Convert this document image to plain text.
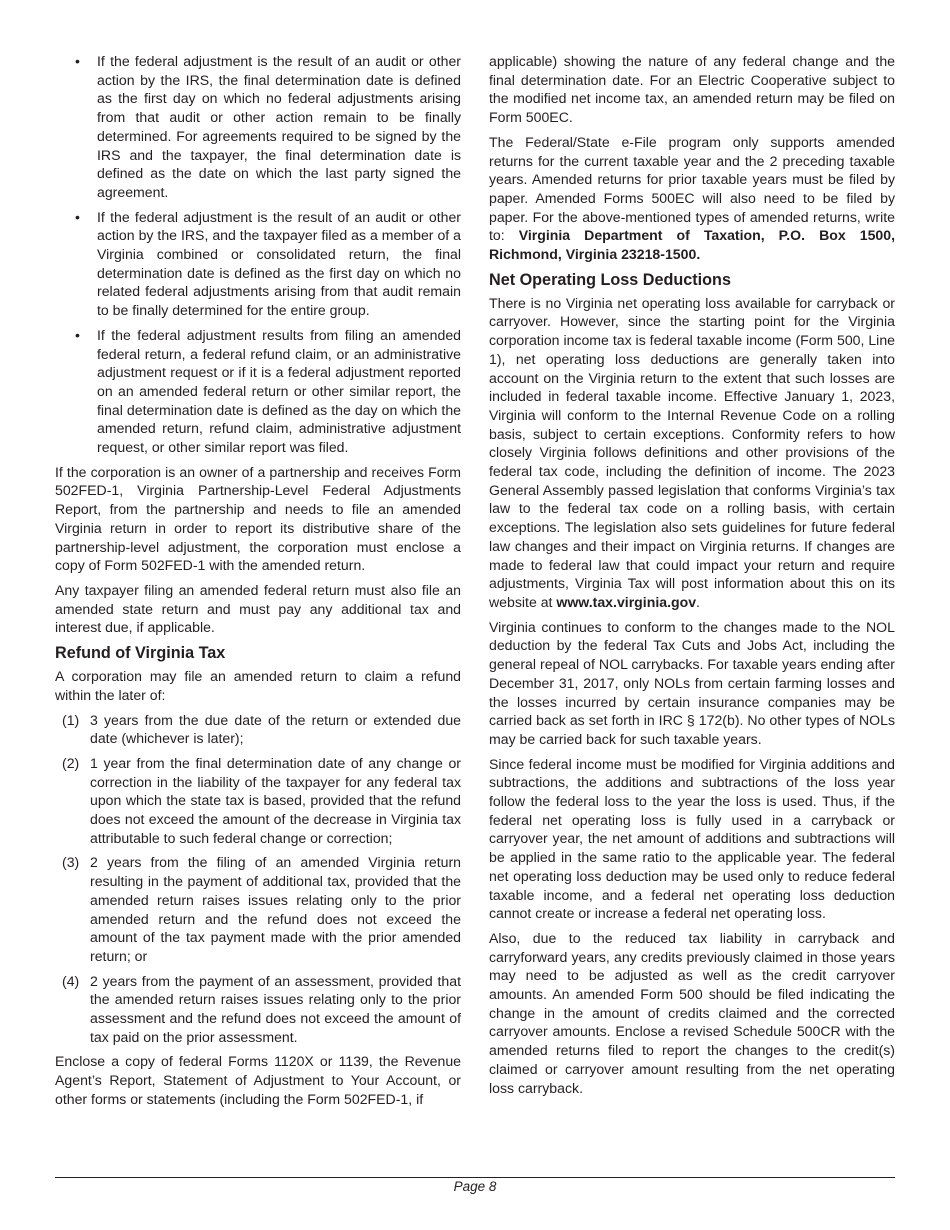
• If the federal adjustment is the result of an audit or other action by the IRS, the final determination date is defined as the first day on which no federal adjustments arising from that audit or other action remain to be finally determined. For agreements required to be signed by the IRS and the taxpayer, the final determination date is defined as the date on which the last party signed the agreement.
• If the federal adjustment is the result of an audit or other action by the IRS, and the taxpayer filed as a member of a Virginia combined or consolidated return, the final determination date is defined as the first day on which no related federal adjustments arising from that audit remain to be finally determined for the entire group.
• If the federal adjustment results from filing an amended federal return, a federal refund claim, or an administrative adjustment request or if it is a federal adjustment reported on an amended federal return or other similar report, the final determination date is defined as the day on which the amended return, refund claim, administrative adjustment request, or other similar report was filed.

If the corporation is an owner of a partnership and receives Form 502FED-1, Virginia Partnership-Level Federal Adjustments Report, from the partnership and needs to file an amended Virginia return in order to report its distributive share of the partnership-level adjustment, the corporation must enclose a copy of Form 502FED-1 with the amended return.

Any taxpayer filing an amended federal return must also file an amended state return and must pay any additional tax and interest due, if applicable.

Refund of Virginia Tax

A corporation may file an amended return to claim a refund within the later of:

(1) 3 years from the due date of the return or extended due date (whichever is later);
(2) 1 year from the final determination date of any change or correction in the liability of the taxpayer for any federal tax upon which the state tax is based, provided that the refund does not exceed the amount of the decrease in Virginia tax attributable to such federal change or correction;
(3) 2 years from the filing of an amended Virginia return resulting in the payment of additional tax, provided that the amended return raises issues relating only to the prior amended return and the refund does not exceed the amount of the tax payment made with the prior amended return; or
(4) 2 years from the payment of an assessment, provided that the amended return raises issues relating only to the prior assessment and the refund does not exceed the amount of tax paid on the prior assessment.

Enclose a copy of federal Forms 1120X or 1139, the Revenue Agent’s Report, Statement of Adjustment to Your Account, or other forms or statements (including the Form 502FED-1, if

applicable) showing the nature of any federal change and the final determination date. For an Electric Cooperative subject to the modified net income tax, an amended return may be filed on Form 500EC.

The Federal/State e-File program only supports amended returns for the current taxable year and the 2 preceding taxable years. Amended returns for prior taxable years must be filed by paper. Amended Forms 500EC will also need to be filed by paper. For the above-mentioned types of amended returns, write to: Virginia Department of Taxation, P.O. Box 1500, Richmond, Virginia 23218-1500.

Net Operating Loss Deductions

There is no Virginia net operating loss available for carryback or carryover. However, since the starting point for the Virginia corporation income tax is federal taxable income (Form 500, Line 1), net operating loss deductions are generally taken into account on the Virginia return to the extent that such losses are included in federal taxable income. Effective January 1, 2023, Virginia will conform to the Internal Revenue Code on a rolling basis, subject to certain exceptions. Conformity refers to how closely Virginia follows definitions and other provisions of the federal tax code, including the definition of income. The 2023 General Assembly passed legislation that conforms Virginia’s tax law to the federal tax code on a rolling basis, with certain exceptions. The legislation also sets guidelines for future federal law changes and their impact on Virginia returns. If changes are made to federal law that could impact your return and require adjustments, Virginia Tax will post information about this on its website at www.tax.virginia.gov.

Virginia continues to conform to the changes made to the NOL deduction by the federal Tax Cuts and Jobs Act, including the general repeal of NOL carrybacks. For taxable years ending after December 31, 2017, only NOLs from certain farming losses and the losses incurred by certain insurance companies may be carried back as set forth in IRC § 172(b). No other types of NOLs may be carried back for such taxable years.

Since federal income must be modified for Virginia additions and subtractions, the additions and subtractions of the loss year follow the federal loss to the year the loss is used. Thus, if the federal net operating loss is fully used in a carryback or carryover year, the net amount of additions and subtractions will be applied in the same ratio to the applicable year. The federal net operating loss deduction may be used only to reduce federal taxable income, and a federal net operating loss deduction cannot create or increase a federal net operating loss.

Also, due to the reduced tax liability in carryback and carryforward years, any credits previously claimed in those years may need to be adjusted as well as the credit carryover amounts. An amended Form 500 should be filed indicating the change in the amount of credits claimed and the corrected carryover amounts. Enclose a revised Schedule 500CR with the amended returns filed to report the changes to the credit(s) claimed or carryover amount resulting from the net operating loss carryback.

Page 8
